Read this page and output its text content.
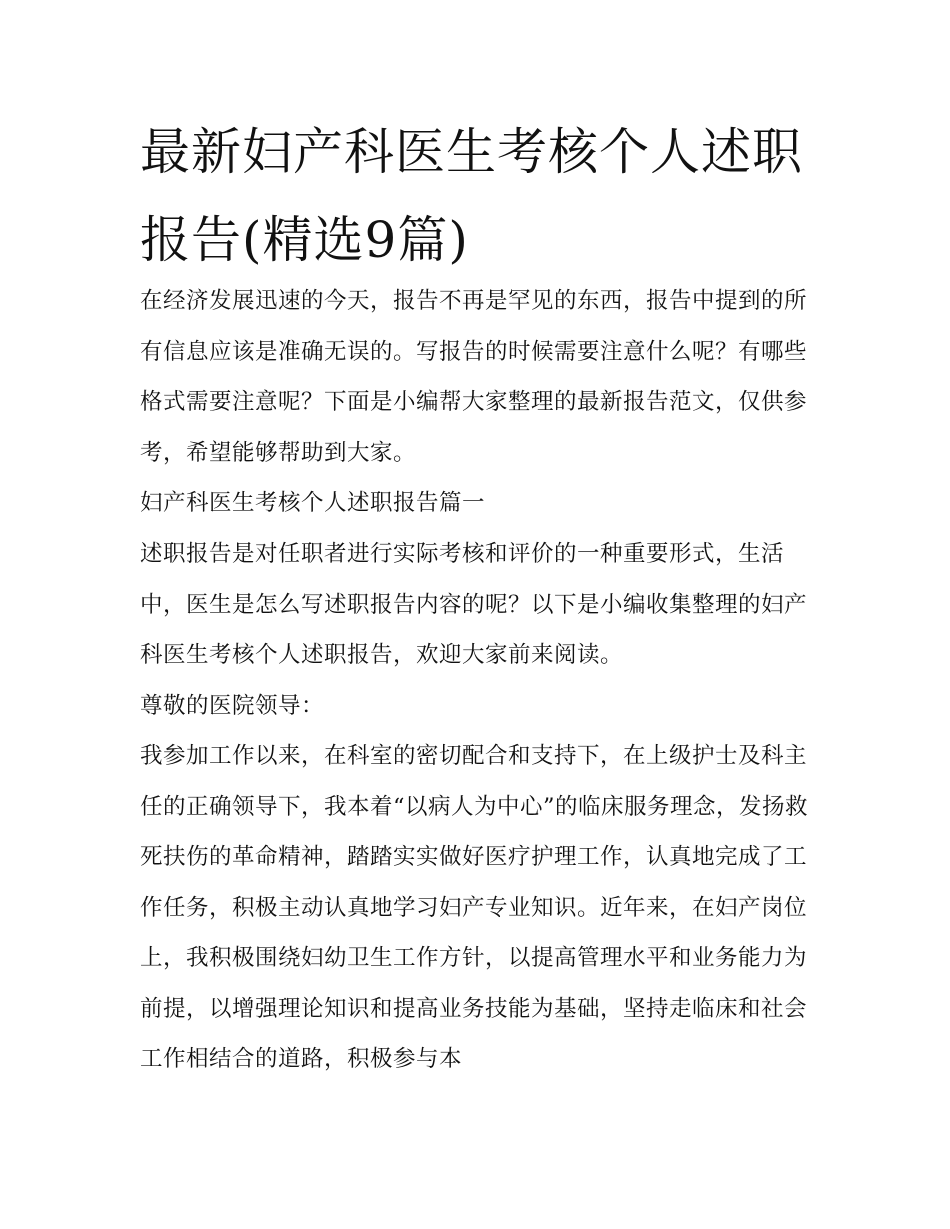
最新妇产科医生考核个人述职报告(精选9篇)

在经济发展迅速的今天，报告不再是罕见的东西，报告中提到的所有信息应该是准确无误的。写报告的时候需要注意什么呢？有哪些格式需要注意呢？下面是小编帮大家整理的最新报告范文，仅供参考，希望能够帮助到大家。

妇产科医生考核个人述职报告篇一

述职报告是对任职者进行实际考核和评价的一种重要形式，生活中，医生是怎么写述职报告内容的呢？以下是小编收集整理的妇产科医生考核个人述职报告，欢迎大家前来阅读。

尊敬的医院领导：

我参加工作以来，在科室的密切配合和支持下，在上级护士及科主任的正确领导下，我本着“以病人为中心”的临床服务理念，发扬救死扶伤的革命精神，踏踏实实做好医疗护理工作，认真地完成了工作任务，积极主动认真地学习妇产专业知识。近年来，在妇产岗位上，我积极围绕妇幼卫生工作方针，以提高管理水平和业务能力为前提，以增强理论知识和提高业务技能为基础，坚持走临床和社会工作相结合的道路，积极参与本
